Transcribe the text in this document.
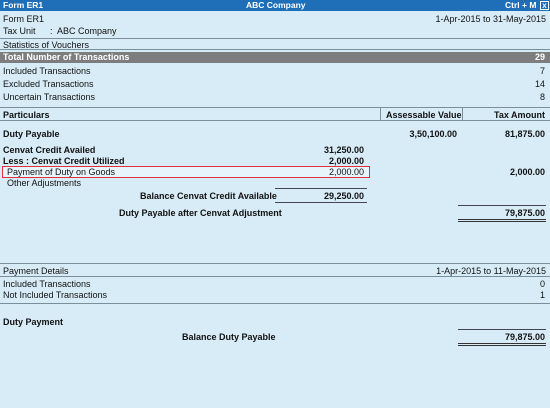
Form ER1	ABC Company	Ctrl + M x
Form ER1	1-Apr-2015 to 31-May-2015
Tax Unit : ABC Company
Statistics of Vouchers
Total Number of Transactions	29
Included Transactions	7
Excluded Transactions	14
Uncertain Transactions	8
Particulars	Assessable Value	Tax Amount
Duty Payable	3,50,100.00	81,875.00
Cenvat Credit Availed	31,250.00
Less : Cenvat Credit Utilized	2,000.00
Payment of Duty on Goods	2,000.00	2,000.00
Other Adjustments
Balance Cenvat Credit Available	29,250.00
Duty Payable after Cenvat Adjustment	79,875.00
Payment Details	1-Apr-2015 to 11-May-2015
Included Transactions	0
Not Included Transactions	1
Duty Payment
Balance Duty Payable	79,875.00
